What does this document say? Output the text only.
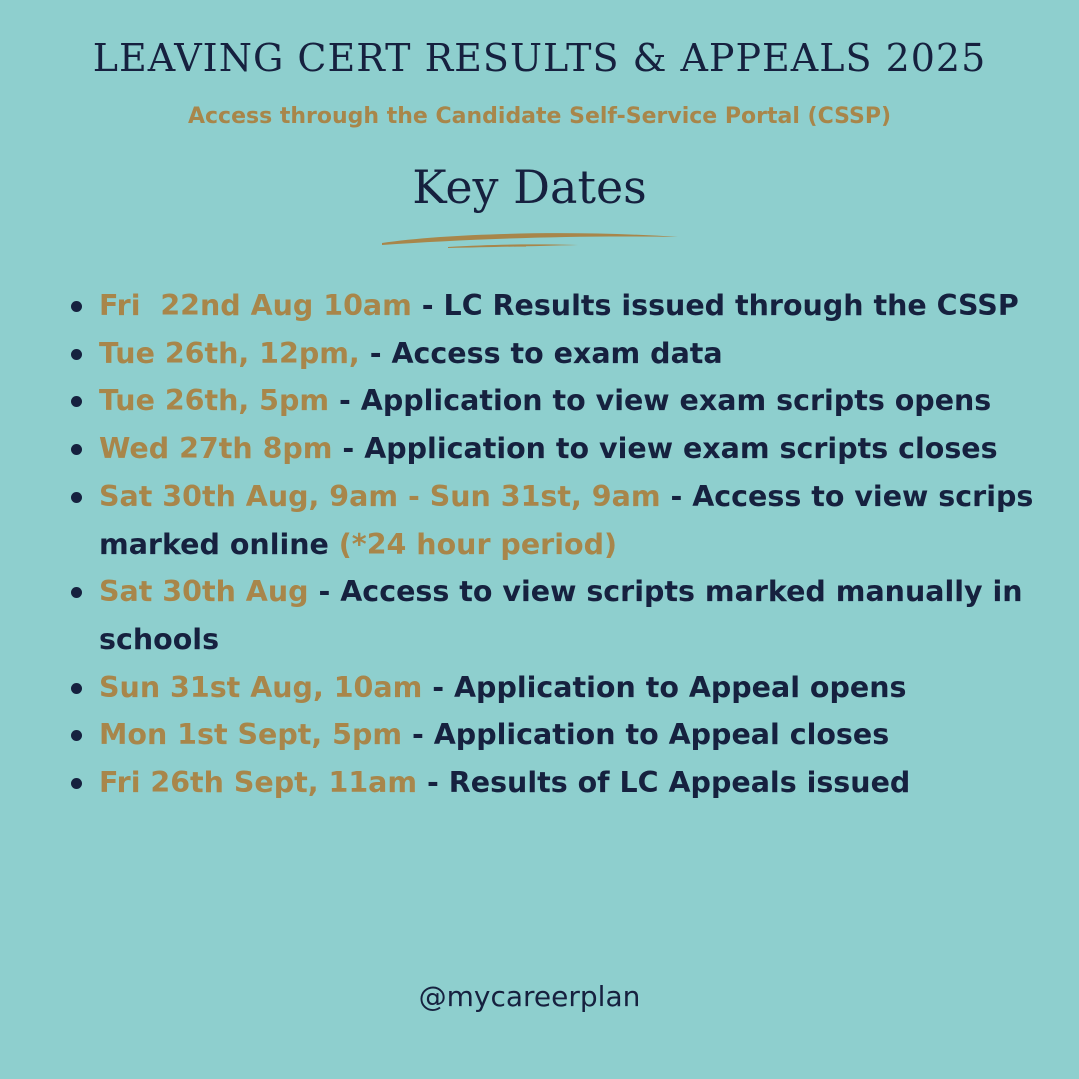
LEAVING CERT RESULTS & APPEALS 2025
Access through the Candidate Self-Service Portal (CSSP)
Key Dates
Fri  22nd Aug 10am - LC Results issued through the CSSP
Tue 26th, 12pm, - Access to exam data
Tue 26th, 5pm - Application to view exam scripts opens
Wed 27th 8pm - Application to view exam scripts closes
Sat 30th Aug, 9am - Sun 31st, 9am - Access to view scrips marked online (*24 hour period)
Sat 30th Aug - Access to view scripts marked manually in schools
Sun 31st Aug, 10am - Application to Appeal opens
Mon 1st Sept, 5pm - Application to Appeal closes
Fri 26th Sept, 11am - Results of LC Appeals issued
@mycareerplan
